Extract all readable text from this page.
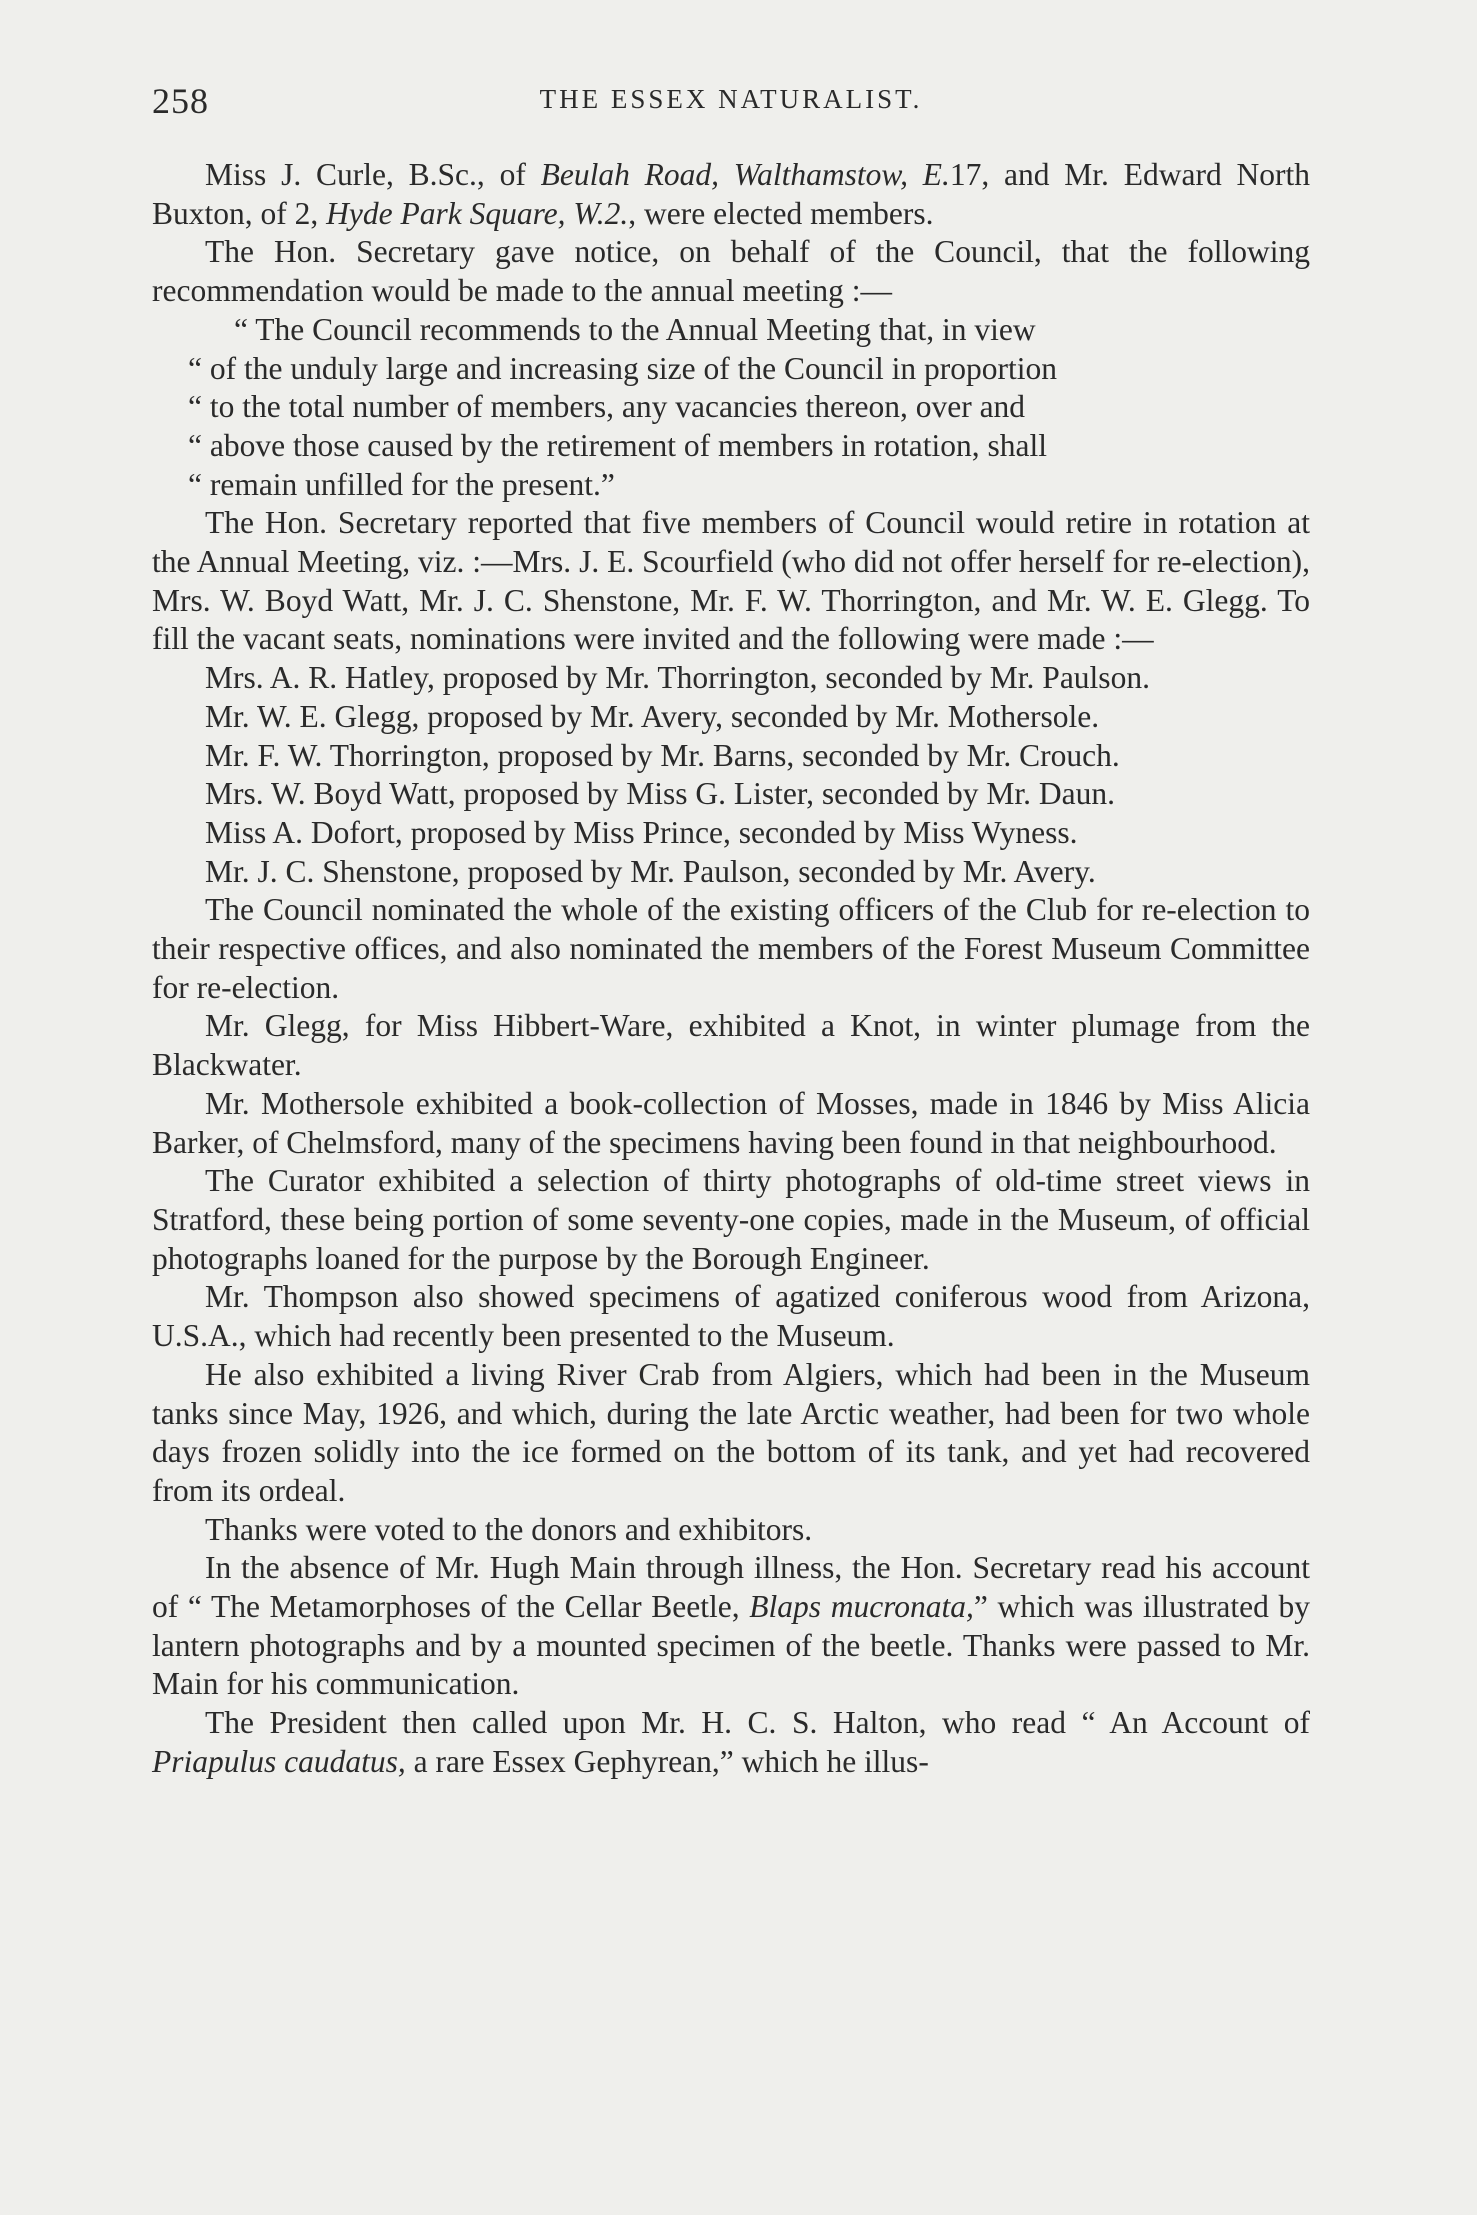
258	THE ESSEX NATURALIST.

Miss J. Curle, B.Sc., of Beulah Road, Walthamstow, E.17, and Mr. Edward North Buxton, of 2, Hyde Park Square, W.2., were elected members.

The Hon. Secretary gave notice, on behalf of the Council, that the following recommendation would be made to the annual meeting :—

“ The Council recommends to the Annual Meeting that, in view

“ of the unduly large and increasing size of the Council in proportion

“ to the total number of members, any vacancies thereon, over and

“ above those caused by the retirement of members in rotation, shall

“ remain unfilled for the present.”

The Hon. Secretary reported that five members of Council would retire in rotation at the Annual Meeting, viz. :—Mrs. J. E. Scourfield (who did not offer herself for re-election), Mrs. W. Boyd Watt, Mr. J. C. Shenstone, Mr. F. W. Thorrington, and Mr. W. E. Glegg. To fill the vacant seats, nominations were invited and the following were made :—

Mrs. A. R. Hatley, proposed by Mr. Thorrington, seconded by Mr. Paulson.

Mr. W. E. Glegg, proposed by Mr. Avery, seconded by Mr. Mothersole.

Mr. F. W. Thorrington, proposed by Mr. Barns, seconded by Mr. Crouch.

Mrs. W. Boyd Watt, proposed by Miss G. Lister, seconded by Mr. Daun.

Miss A. Dofort, proposed by Miss Prince, seconded by Miss Wyness.

Mr. J. C. Shenstone, proposed by Mr. Paulson, seconded by Mr. Avery.

The Council nominated the whole of the existing officers of the Club for re-election to their respective offices, and also nominated the members of the Forest Museum Committee for re-election.

Mr. Glegg, for Miss Hibbert-Ware, exhibited a Knot, in winter plumage from the Blackwater.

Mr. Mothersole exhibited a book-collection of Mosses, made in 1846 by Miss Alicia Barker, of Chelmsford, many of the specimens having been found in that neighbourhood.

The Curator exhibited a selection of thirty photographs of old-time street views in Stratford, these being portion of some seventy-one copies, made in the Museum, of official photographs loaned for the purpose by the Borough Engineer.

Mr. Thompson also showed specimens of agatized coniferous wood from Arizona, U.S.A., which had recently been presented to the Museum.

He also exhibited a living River Crab from Algiers, which had been in the Museum tanks since May, 1926, and which, during the late Arctic weather, had been for two whole days frozen solidly into the ice formed on the bottom of its tank, and yet had recovered from its ordeal.

Thanks were voted to the donors and exhibitors.

In the absence of Mr. Hugh Main through illness, the Hon. Secretary read his account of “ The Metamorphoses of the Cellar Beetle, Blaps mucronata,” which was illustrated by lantern photographs and by a mounted specimen of the beetle. Thanks were passed to Mr. Main for his communication.

The President then called upon Mr. H. C. S. Halton, who read “ An Account of Priapulus caudatus, a rare Essex Gephyrean,” which he illus-
